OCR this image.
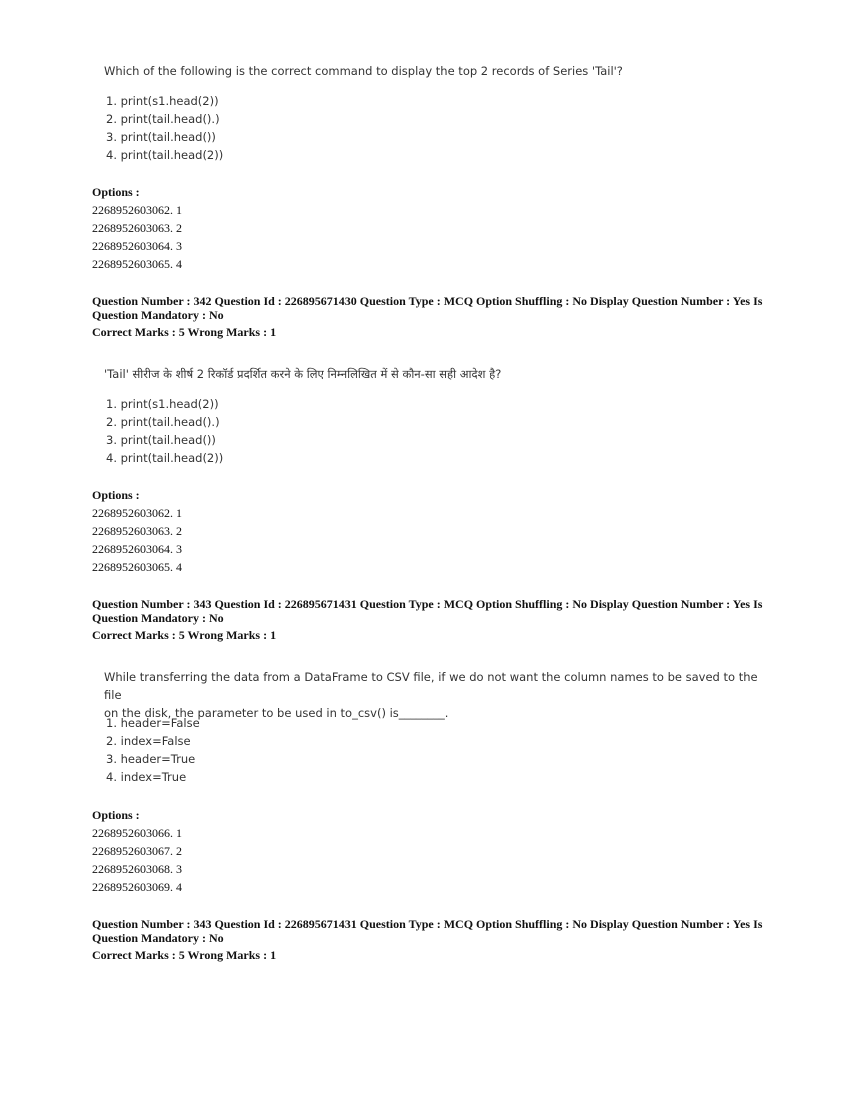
Which of the following is the correct command to display the top 2 records of Series 'Tail'?
1. print(s1.head(2))
2. print(tail.head().)
3. print(tail.head())
4. print(tail.head(2))
Options :
2268952603062. 1
2268952603063. 2
2268952603064. 3
2268952603065. 4
Question Number : 342 Question Id : 226895671430 Question Type : MCQ Option Shuffling : No Display Question Number : Yes Is Question Mandatory : No
Correct Marks : 5 Wrong Marks : 1
'Tail' सीरीज के शीर्ष 2 रिकॉर्ड प्रदर्शित करने के लिए निम्नलिखित में से कौन-सा सही आदेश है?
1. print(s1.head(2))
2. print(tail.head().)
3. print(tail.head())
4. print(tail.head(2))
Options :
2268952603062. 1
2268952603063. 2
2268952603064. 3
2268952603065. 4
Question Number : 343 Question Id : 226895671431 Question Type : MCQ Option Shuffling : No Display Question Number : Yes Is Question Mandatory : No
Correct Marks : 5 Wrong Marks : 1
While transferring the data from a DataFrame to CSV file, if we do not want the column names to be saved to the file
on the disk, the parameter to be used in to_csv() is________.
1. header=False
2. index=False
3. header=True
4. index=True
Options :
2268952603066. 1
2268952603067. 2
2268952603068. 3
2268952603069. 4
Question Number : 343 Question Id : 226895671431 Question Type : MCQ Option Shuffling : No Display Question Number : Yes Is Question Mandatory : No
Correct Marks : 5 Wrong Marks : 1
